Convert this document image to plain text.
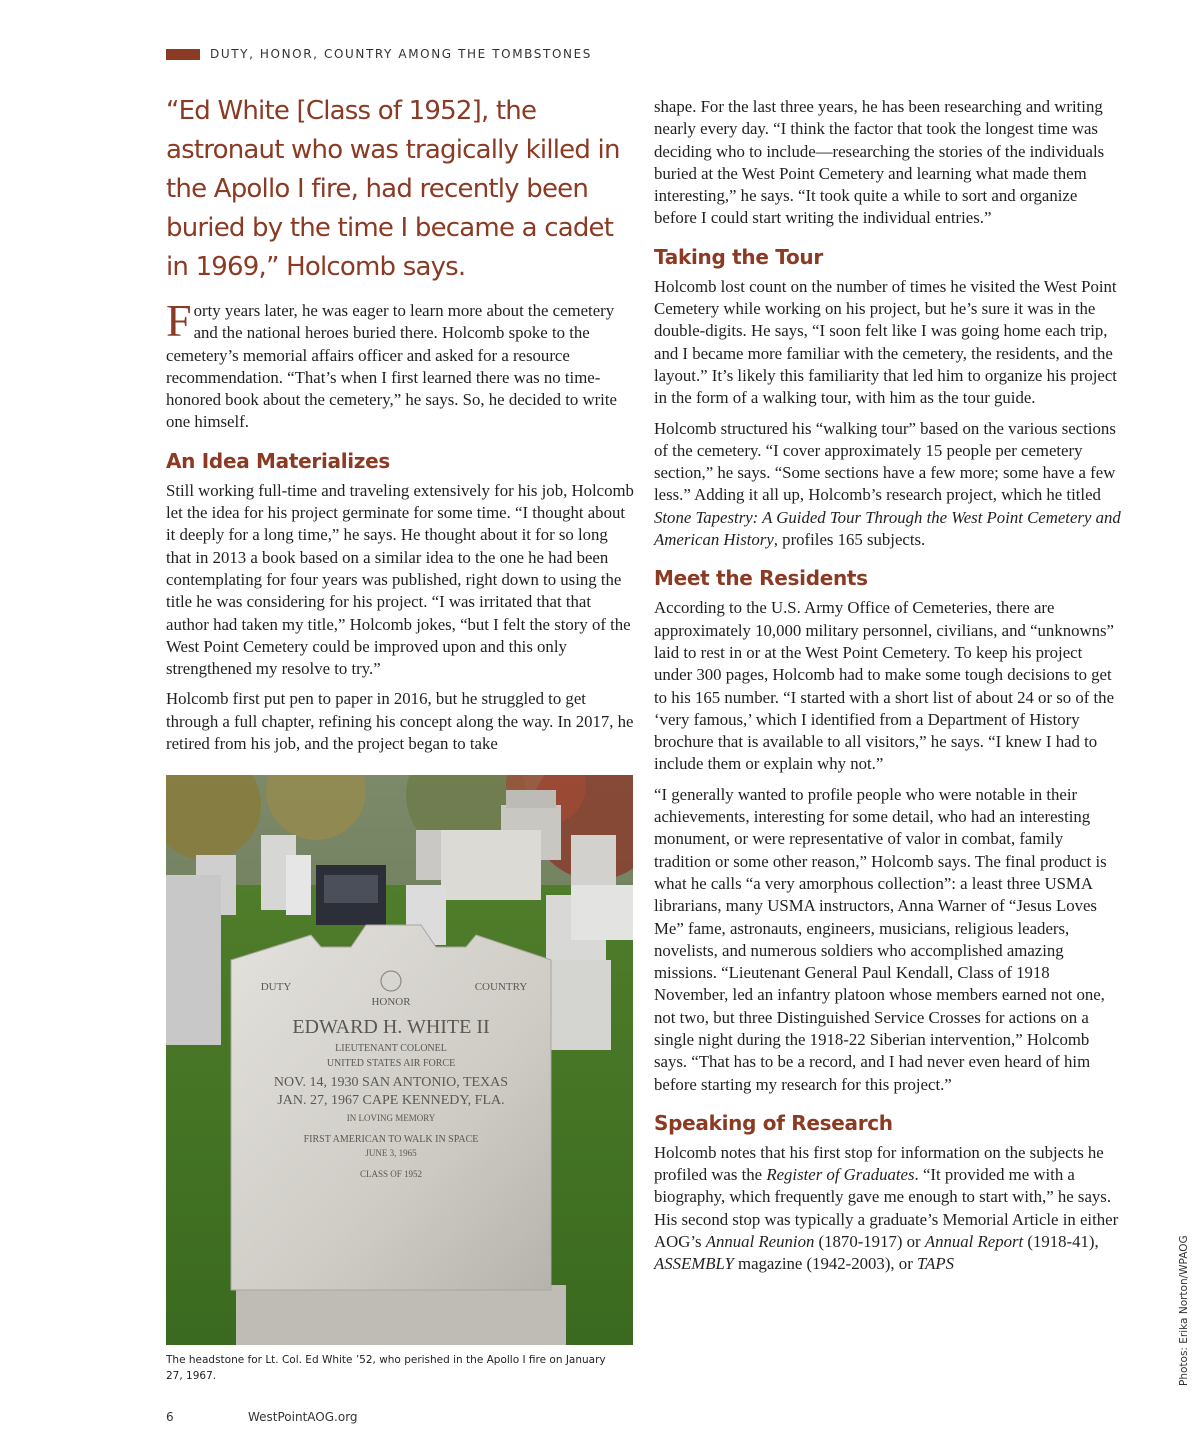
DUTY, HONOR, COUNTRY AMONG THE TOMBSTONES

“Ed White [Class of 1952], the astronaut who was tragically killed in the Apollo I fire, had recently been buried by the time I became a cadet in 1969,” Holcomb says.

Forty years later, he was eager to learn more about the cemetery and the national heroes buried there. Holcomb spoke to the cemetery’s memorial affairs officer and asked for a resource recommendation. “That’s when I first learned there was no time-honored book about the cemetery,” he says. So, he decided to write one himself.

An Idea Materializes

Still working full-time and traveling extensively for his job, Holcomb let the idea for his project germinate for some time. “I thought about it deeply for a long time,” he says. He thought about it for so long that in 2013 a book based on a similar idea to the one he had been contemplating for four years was published, right down to using the title he was considering for his project. “I was irritated that that author had taken my title,” Holcomb jokes, “but I felt the story of the West Point Cemetery could be improved upon and this only strengthened my resolve to try.”

Holcomb first put pen to paper in 2016, but he struggled to get through a full chapter, refining his concept along the way. In 2017, he retired from his job, and the project began to take

DUTY	COUNTRY
HONOR
EDWARD H. WHITE II
LIEUTENANT COLONEL
UNITED STATES AIR FORCE
NOV. 14, 1930 SAN ANTONIO, TEXAS
JAN. 27, 1967 CAPE KENNEDY, FLA.
IN LOVING MEMORY
FIRST AMERICAN TO WALK IN SPACE
JUNE 3, 1965
CLASS OF 1952
The headstone for Lt. Col. Ed White ’52, who perished in the Apollo I fire on January 27, 1967.

shape. For the last three years, he has been researching and writing nearly every day. “I think the factor that took the longest time was deciding who to include—researching the stories of the individuals buried at the West Point Cemetery and learning what made them interesting,” he says. “It took quite a while to sort and organize before I could start writing the individual entries.”

Taking the Tour

Holcomb lost count on the number of times he visited the West Point Cemetery while working on his project, but he’s sure it was in the double-digits. He says, “I soon felt like I was going home each trip, and I became more familiar with the cemetery, the residents, and the layout.” It’s likely this familiarity that led him to organize his project in the form of a walking tour, with him as the tour guide.

Holcomb structured his “walking tour” based on the various sections of the cemetery. “I cover approximately 15 people per cemetery section,” he says. “Some sections have a few more; some have a few less.” Adding it all up, Holcomb’s research project, which he titled Stone Tapestry: A Guided Tour Through the West Point Cemetery and American History, profiles 165 subjects.

Meet the Residents

According to the U.S. Army Office of Cemeteries, there are approximately 10,000 military personnel, civilians, and “unknowns” laid to rest in or at the West Point Cemetery. To keep his project under 300 pages, Holcomb had to make some tough decisions to get to his 165 number. “I started with a short list of about 24 or so of the ‘very famous,’ which I identified from a Department of History brochure that is available to all visitors,” he says. “I knew I had to include them or explain why not.”

“I generally wanted to profile people who were notable in their achievements, interesting for some detail, who had an interesting monument, or were representative of valor in combat, family tradition or some other reason,” Holcomb says. The final product is what he calls “a very amorphous collection”: a least three USMA librarians, many USMA instructors, Anna Warner of “Jesus Loves Me” fame, astronauts, engineers, musicians, religious leaders, novelists, and numerous soldiers who accomplished amazing missions. “Lieutenant General Paul Kendall, Class of 1918 November, led an infantry platoon whose members earned not one, not two, but three Distinguished Service Crosses for actions on a single night during the 1918-22 Siberian intervention,” Holcomb says. “That has to be a record, and I had never even heard of him before starting my research for this project.”

Speaking of Research

Holcomb notes that his first stop for information on the subjects he profiled was the Register of Graduates. “It provided me with a biography, which frequently gave me enough to start with,” he says. His second stop was typically a graduate’s Memorial Article in either AOG’s Annual Reunion (1870-1917) or Annual Report (1918-41), ASSEMBLY magazine (1942-2003), or TAPS	Photos: Erika Norton/WPAOG
6	WestPointAOG.org
